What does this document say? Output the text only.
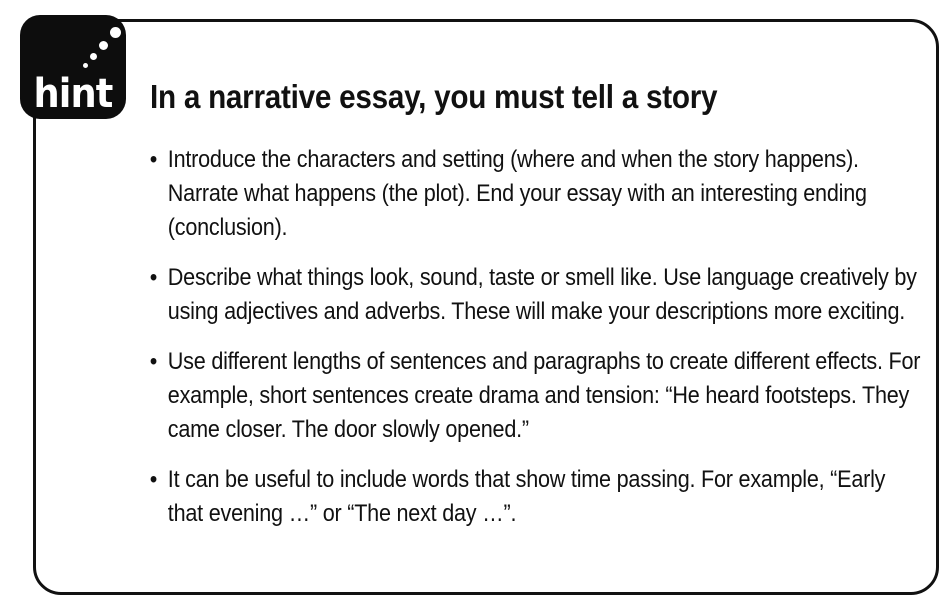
hint In a narrative essay, you must tell a story
• Introduce the characters and setting (where and when the story happens). Narrate what happens (the plot). End your essay with an interesting ending (conclusion).
• Describe what things look, sound, taste or smell like. Use language creatively by using adjectives and adverbs. These will make your descriptions more exciting.
• Use different lengths of sentences and paragraphs to create different effects. For example, short sentences create drama and tension: “He heard footsteps. They came closer. The door slowly opened.”
• It can be useful to include words that show time passing. For example, “Early that evening …” or “The next day …”.
